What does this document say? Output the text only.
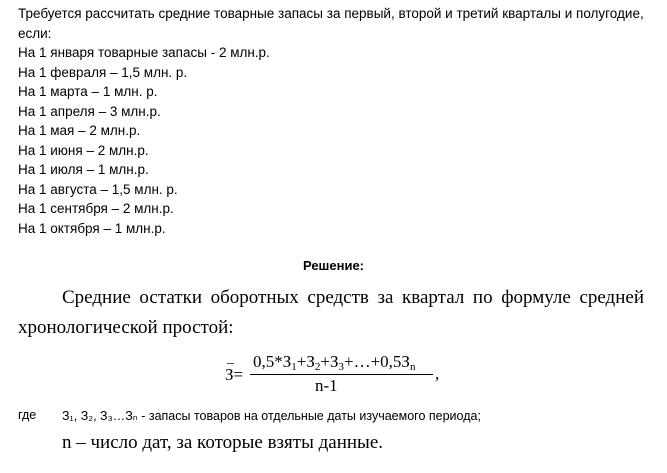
Требуется рассчитать средние товарные запасы за первый, второй и третий кварталы и полугодие, если:
На 1 января товарные запасы - 2 млн.р.
На 1 февраля – 1,5 млн. р.
На 1 марта – 1 млн. р.
На 1 апреля – 3 млн.р.
На 1 мая – 2 млн.р.
На 1 июня – 2 млн.р.
На 1 июля – 1 млн.р.
На 1 августа – 1,5 млн. р.
На 1 сентября – 2 млн.р.
На 1 октября – 1 млн.р.
Решение:
Средние остатки оборотных средств за квартал по формуле средней
хронологической простой:
_
З=
$0,5*З_1+З_2+З_3+\dots+0,5З_n$
n-1
,
где З₁, З₂, З₃…Зₙ - запасы товаров на отдельные даты изучаемого периода;
n – число дат, за которые взяты данные.
